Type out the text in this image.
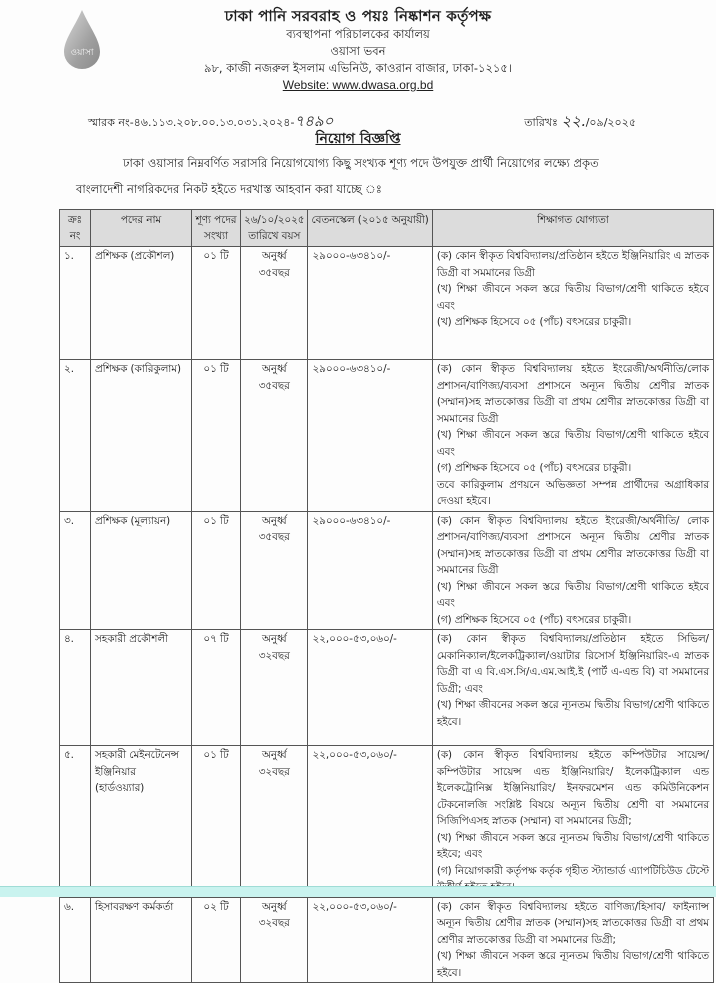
ওয়াসা
ঢাকা পানি সরবরাহ ও পয়ঃ নিষ্কাশন কর্তৃপক্ষ
ব্যবস্থাপনা পরিচালকের কার্যালয়
ওয়াসা ভবন
৯৮, কাজী নজরুল ইসলাম এভিনিউ, কাওরান বাজার, ঢাকা-১২১৫।
Website: www.dwasa.org.bd
স্মারক নং-৪৬.১১৩.২০৮.০০.১৩.০৩১.২০২৪-৭৪৯০	তারিখঃ ২২./০৯/২০২৫
নিয়োগ বিজ্ঞপ্তি
ঢাকা ওয়াসার নিম্নবর্ণিত সরাসরি নিয়োগযোগ্য কিছু সংখ্যক শূণ্য পদে উপযুক্ত প্রার্থী নিয়োগের লক্ষ্যে প্রকৃত
বাংলাদেশী নাগরিকদের নিকট হইতে দরখাস্ত আহবান করা যাচ্ছে ঃ
ক্রঃ নং	পদের নাম	শূণ্য পদের সংখ্যা	২৬/১০/২০২৫ তারিখে বয়স	বেতনস্কেল (২০১৫ অনুযায়ী)	শিক্ষাগত যোগ্যতা
১.	প্রশিক্ষক (প্রকৌশল)	০১ টি	অনুর্ধ্ব ৩৫বছর	২৯০০০-৬৩৪১০/-	(ক) কোন স্বীকৃত বিশ্ববিদ্যালয়/প্রতিষ্ঠান হইতে ইঞ্জিনিয়ারিং এ স্নাতক ডিগ্রী বা সমমানের ডিগ্রী
(খ) শিক্ষা জীবনে সকল স্তরে দ্বিতীয় বিভাগ/শ্রেণী থাকিতে হইবে এবং
(খ) প্রশিক্ষক হিসেবে ০৫ (পাঁচ) বৎসরের চাকুরী।

২.	প্রশিক্ষক (কারিকুলাম)	০১ টি	অনুর্ধ্ব ৩৫বছর	২৯০০০-৬৩৪১০/-	(ক) কোন স্বীকৃত বিশ্ববিদ্যালয় হইতে ইংরেজী/অর্থনীতি/লোক প্রশাসন/বাণিজ্য/ব্যবসা প্রশাসনে অন্যূন দ্বিতীয় শ্রেণীর স্নাতক (সম্মান)সহ স্নাতকোত্তর ডিগ্রী বা প্রথম শ্রেণীর স্নাতকোত্তর ডিগ্রী বা সমমানের ডিগ্রী
(খ) শিক্ষা জীবনে সকল স্তরে দ্বিতীয় বিভাগ/শ্রেণী থাকিতে হইবে এবং
(গ) প্রশিক্ষক হিসেবে ০৫ (পাঁচ) বৎসরের চাকুরী।
তবে কারিকুলাম প্রণয়নে অভিজ্ঞতা সম্পন্ন প্রার্থীদের অগ্রাধিকার দেওয়া হইবে।

৩.	প্রশিক্ষক (মূল্যায়ন)	০১ টি	অনুর্ধ্ব ৩৫বছর	২৯০০০-৬৩৪১০/-	(ক) কোন স্বীকৃত বিশ্ববিদ্যালয় হইতে ইংরেজী/অর্থনীতি/ লোক প্রশাসন/বাণিজ্য/ব্যবসা প্রশাসনে অন্যূন দ্বিতীয় শ্রেণীর স্নাতক (সম্মান)সহ স্নাতকোত্তর ডিগ্রী বা প্রথম শ্রেণীর স্নাতকোত্তর ডিগ্রী বা সমমানের ডিগ্রী
(খ) শিক্ষা জীবনে সকল স্তরে দ্বিতীয় বিভাগ/শ্রেণী থাকিতে হইবে এবং
(গ) প্রশিক্ষক হিসেবে ০৫ (পাঁচ) বৎসরের চাকুরী।

৪.	সহকারী প্রকৌশলী	০৭ টি	অনুর্ধ্ব ৩২বছর	২২,০০০-৫৩,০৬০/-	(ক) কোন স্বীকৃত বিশ্ববিদ্যালয়/প্রতিষ্ঠান হইতে সিভিল/ মেকানিক্যাল/ইলেকট্রিক্যাল/ওয়াটার রিসোর্স ইঞ্জিনিয়ারিং-এ স্নাতক ডিগ্রী বা এ বি.এস.সি/এ.এম.আই.ই (পার্ট এ-এন্ড বি) বা সমমানের ডিগ্রী; এবং
(খ) শিক্ষা জীবনের সকল স্তরে ন্যূনতম দ্বিতীয় বিভাগ/শ্রেণী থাকিতে হইবে।

৫.	সহকারী মেইনটেনেন্স ইঞ্জিনিয়ার (হার্ডওয়্যার)	০১ টি	অনুর্ধ্ব ৩২বছর	২২,০০০-৫৩,০৬০/-	(ক) কোন স্বীকৃত বিশ্ববিদ্যালয় হইতে কম্পিউটার সায়েন্স/ কম্পিউটার সায়েন্স এন্ড ইঞ্জিনিয়ারিং/ ইলেকট্রিক্যাল এন্ড ইলেকট্রোনিক্স ইঞ্জিনিয়ারিং/ ইনফরমেশন এন্ড কমিউনিকেশন টেকনোলজি সংশ্লিষ্ট বিষয়ে অন্যূন দ্বিতীয় শ্রেণী বা সমমানের সিজিপিএসহ স্নাতক (সম্মান) বা সমমানের ডিগ্রী;
(খ) শিক্ষা জীবনে সকল স্তরে ন্যূনতম দ্বিতীয় বিভাগ/শ্রেণী থাকিতে হইবে; এবং
(গ) নিয়োগকারী কর্তৃপক্ষ কর্তৃক গৃহীত স্ট্যান্ডার্ড এ্যাপটিচিউড টেস্টে

৬.	হিসাবরক্ষণ কর্মকর্তা	০২ টি	অনুর্ধ্ব ৩২বছর	২২,০০০-৫৩,০৬০/-	(ক) কোন স্বীকৃত বিশ্ববিদ্যালয় হইতে বাণিজ্য/হিসাব/ ফাইন্যান্স অন্যূন দ্বিতীয় শ্রেণীর স্নাতক (সম্মান)সহ স্নাতকোত্তর ডিগ্রী বা প্রথম শ্রেণীর স্নাতকোত্তর ডিগ্রী বা সমমানের ডিগ্রী;
(খ) শিক্ষা জীবনে সকল স্তরে ন্যূনতম দ্বিতীয় বিভাগ/শ্রেণী থাকিতে হইবে।
